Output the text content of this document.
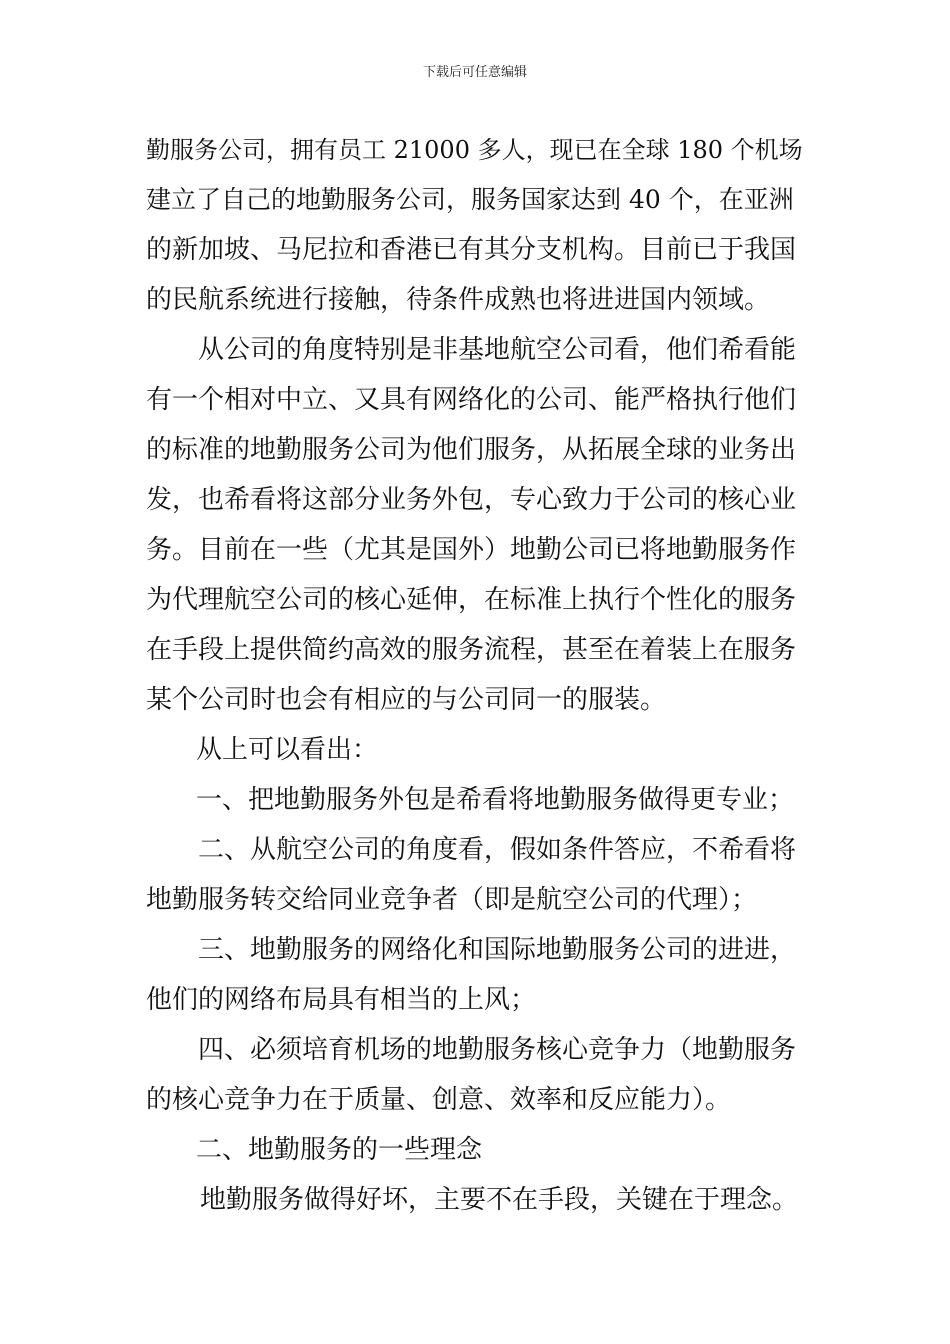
下载后可任意编辑
勤服务公司，拥有员工 21000 多人，现已在全球 180 个机场
建立了自己的地勤服务公司，服务国家达到 40 个，在亚洲
的新加坡、马尼拉和香港已有其分支机构。目前已于我国
的民航系统进行接触，待条件成熟也将进进国内领域。
从公司的角度特别是非基地航空公司看，他们希看能
有一个相对中立、又具有网络化的公司、能严格执行他们
的标准的地勤服务公司为他们服务，从拓展全球的业务出
发，也希看将这部分业务外包，专心致力于公司的核心业
务。目前在一些（尤其是国外）地勤公司已将地勤服务作
为代理航空公司的核心延伸，在标准上执行个性化的服务
在手段上提供简约高效的服务流程，甚至在着装上在服务
某个公司时也会有相应的与公司同一的服装。
从上可以看出：
一、把地勤服务外包是希看将地勤服务做得更专业；
二、从航空公司的角度看，假如条件答应，不希看将
地勤服务转交给同业竞争者（即是航空公司的代理）；
三、地勤服务的网络化和国际地勤服务公司的进进，
他们的网络布局具有相当的上风；
四、必须培育机场的地勤服务核心竞争力（地勤服务
的核心竞争力在于质量、创意、效率和反应能力）。
二、地勤服务的一些理念
地勤服务做得好坏，主要不在手段，关键在于理念。
